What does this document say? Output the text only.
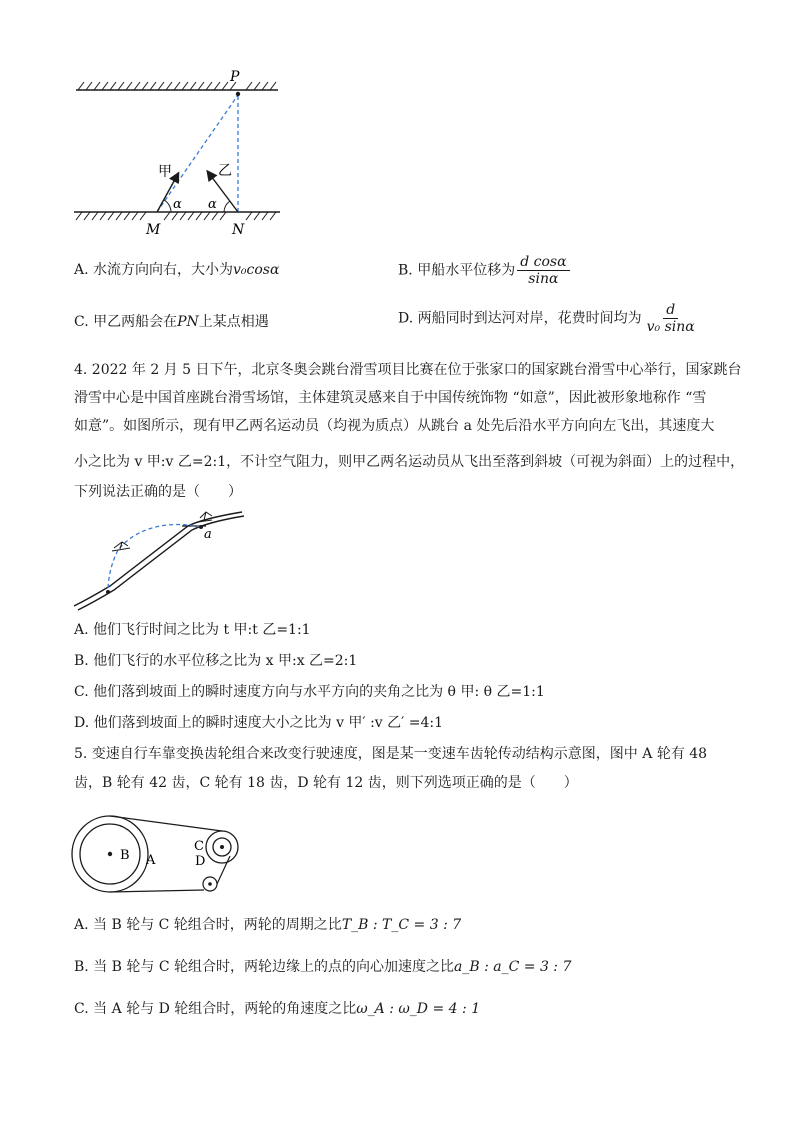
P
M	N
甲	乙
α α
A. 水流方向向右，大小为v₀cosα	B. 甲船水平位移为 $\frac{\text{d cosα}}{\sin\alpha}$
C. 甲乙两船会在PN上某点相遇	D. 两船同时到达河对岸，花费时间均为 $\frac{d}{\text{v₀ sinα}}$
4. 2022 年 2 月 5 日下午，北京冬奥会跳台滑雪项目比赛在位于张家口的国家跳台滑雪中心举行，国家跳台
滑雪中心是中国首座跳台滑雪场馆，主体建筑灵感来自于中国传统饰物 “如意”，因此被形象地称作 “雪
如意”。如图所示，现有甲乙两名运动员（均视为质点）从跳台 a 处先后沿水平方向向左飞出，其速度大
小之比为 v 甲:v 乙=2:1，不计空气阻力，则甲乙两名运动员从飞出至落到斜坡（可视为斜面）上的过程中，
下列说法正确的是（　　）
a
A. 他们飞行时间之比为 t 甲:t 乙=1:1
B. 他们飞行的水平位移之比为 x 甲:x 乙=2:1
C. 他们落到坡面上的瞬时速度方向与水平方向的夹角之比为 θ 甲: θ 乙=1:1
D. 他们落到坡面上的瞬时速度大小之比为 v 甲′ :v 乙′ =4:1
5. 变速自行车靠变换齿轮组合来改变行驶速度，图是某一变速车齿轮传动结构示意图，图中 A 轮有 48
齿，B 轮有 42 齿，C 轮有 18 齿，D 轮有 12 齿，则下列选项正确的是（　　）
A
B
C
D
A. 当 B 轮与 C 轮组合时，两轮的周期之比T_B : T_C = 3 : 7
B. 当 B 轮与 C 轮组合时，两轮边缘上的点的向心加速度之比a_B : a_C = 3 : 7
C. 当 A 轮与 D 轮组合时，两轮的角速度之比ω_A : ω_D = 4 : 1
